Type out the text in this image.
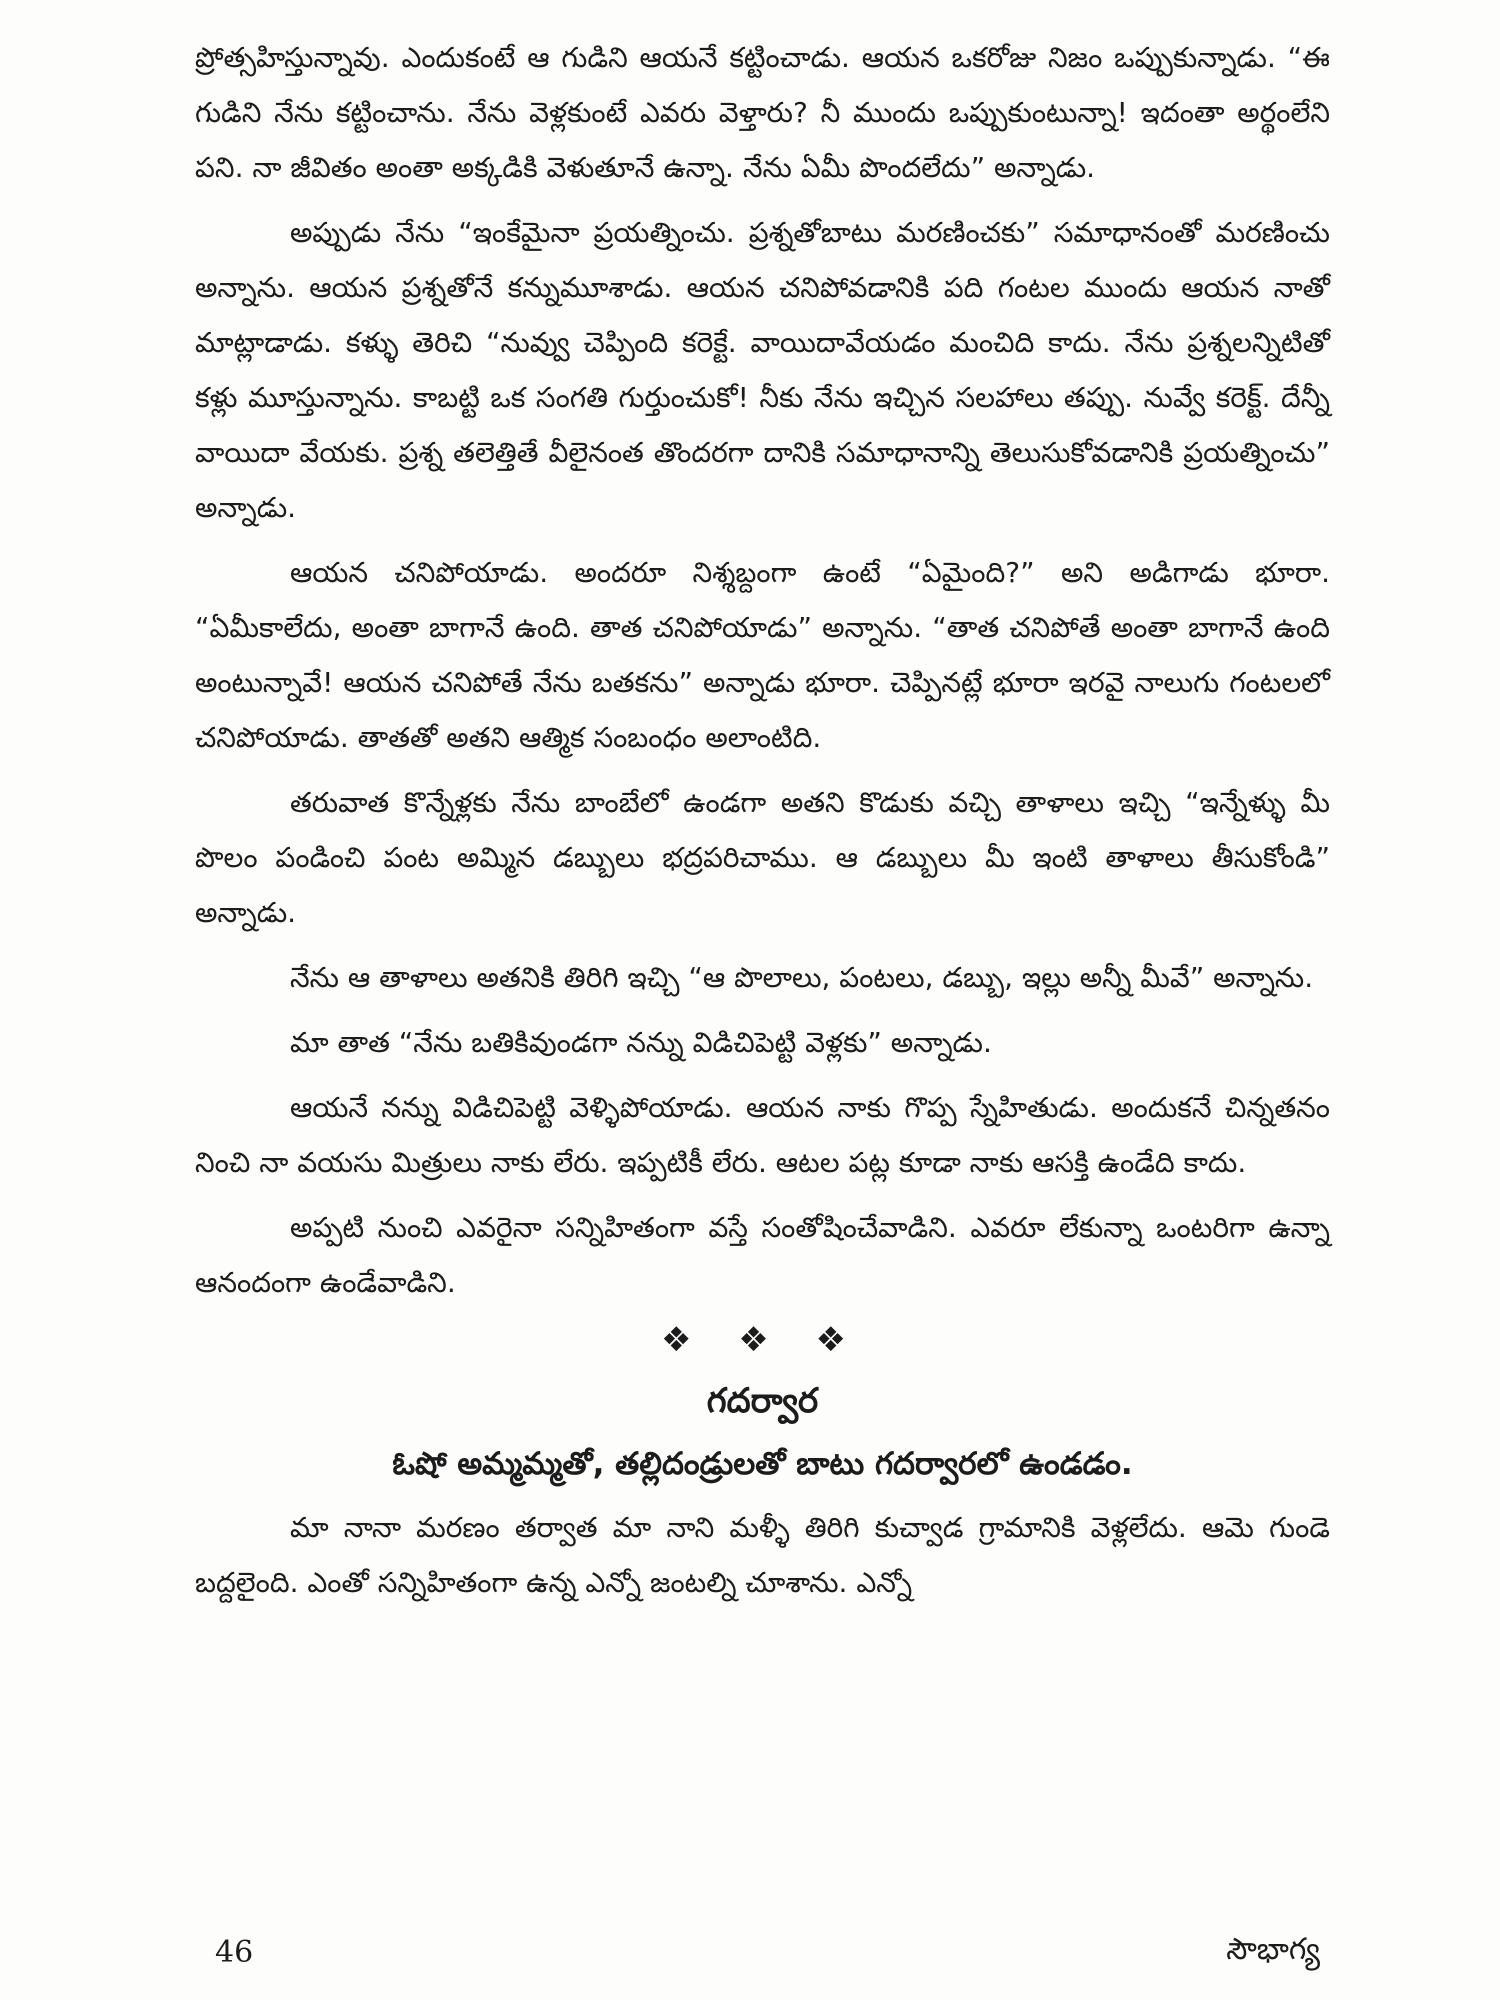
ప్రోత్సహిస్తున్నావు. ఎందుకంటే ఆ గుడిని ఆయనే కట్టించాడు. ఆయన ఒకరోజు నిజం ఒప్పుకున్నాడు. “ఈ గుడిని నేను కట్టించాను. నేను వెళ్లకుంటే ఎవరు వెళ్తారు? నీ ముందు ఒప్పుకుంటున్నా! ఇదంతా అర్థంలేని పని. నా జీవితం అంతా అక్కడికి వెళుతూనే ఉన్నా. నేను ఏమీ పొందలేదు” అన్నాడు.

అప్పుడు నేను “ఇంకేమైనా ప్రయత్నించు. ప్రశ్నతోబాటు మరణించకు” సమాధానంతో మరణించు అన్నాను. ఆయన ప్రశ్నతోనే కన్నుమూశాడు. ఆయన చనిపోవడానికి పది గంటల ముందు ఆయన నాతో మాట్లాడాడు. కళ్ళు తెరిచి “నువ్వు చెప్పింది కరెక్టే. వాయిదావేయడం మంచిది కాదు. నేను ప్రశ్నలన్నిటితో కళ్లు మూస్తున్నాను. కాబట్టి ఒక సంగతి గుర్తుంచుకో! నీకు నేను ఇచ్చిన సలహాలు తప్పు. నువ్వే కరెక్ట్. దేన్నీ వాయిదా వేయకు. ప్రశ్న తలెత్తితే వీలైనంత తొందరగా దానికి సమాధానాన్ని తెలుసుకోవడానికి ప్రయత్నించు” అన్నాడు.

ఆయన చనిపోయాడు. అందరూ నిశ్శబ్దంగా ఉంటే “ఏమైంది?” అని అడిగాడు భూరా. “ఏమీకాలేదు, అంతా బాగానే ఉంది. తాత చనిపోయాడు” అన్నాను. “తాత చనిపోతే అంతా బాగానే ఉంది అంటున్నావే! ఆయన చనిపోతే నేను బతకను” అన్నాడు భూరా. చెప్పినట్లే భూరా ఇరవై నాలుగు గంటలలో చనిపోయాడు. తాతతో అతని ఆత్మిక సంబంధం అలాంటిది.

తరువాత కొన్నేళ్లకు నేను బాంబేలో ఉండగా అతని కొడుకు వచ్చి తాళాలు ఇచ్చి “ఇన్నేళ్ళు మీ పొలం పండించి పంట అమ్మిన డబ్బులు భద్రపరిచాము. ఆ డబ్బులు మీ ఇంటి తాళాలు తీసుకోండి” అన్నాడు.

నేను ఆ తాళాలు అతనికి తిరిగి ఇచ్చి “ఆ పొలాలు, పంటలు, డబ్బు, ఇల్లు అన్నీ మీవే” అన్నాను.

మా తాత “నేను బతికివుండగా నన్ను విడిచిపెట్టి వెళ్లకు” అన్నాడు.

ఆయనే నన్ను విడిచిపెట్టి వెళ్ళిపోయాడు. ఆయన నాకు గొప్ప స్నేహితుడు. అందుకనే చిన్నతనం నించి నా వయసు మిత్రులు నాకు లేరు. ఇప్పటికీ లేరు. ఆటల పట్ల కూడా నాకు ఆసక్తి ఉండేది కాదు.

అప్పటి నుంచి ఎవరైనా సన్నిహితంగా వస్తే సంతోషించేవాడిని. ఎవరూ లేకున్నా ఒంటరిగా ఉన్నా ఆనందంగా ఉండేవాడిని.

❖ ❖ ❖
గదర్వార
ఓషో అమ్మమ్మతో, తల్లిదండ్రులతో బాటు గదర్వారలో ఉండడం.

మా నానా మరణం తర్వాత మా నాని మళ్ళీ తిరిగి కుచ్వాడ గ్రామానికి వెళ్లలేదు. ఆమె గుండె బద్దలైంది. ఎంతో సన్నిహితంగా ఉన్న ఎన్నో జంటల్ని చూశాను. ఎన్నో

46	సౌభాగ్య
